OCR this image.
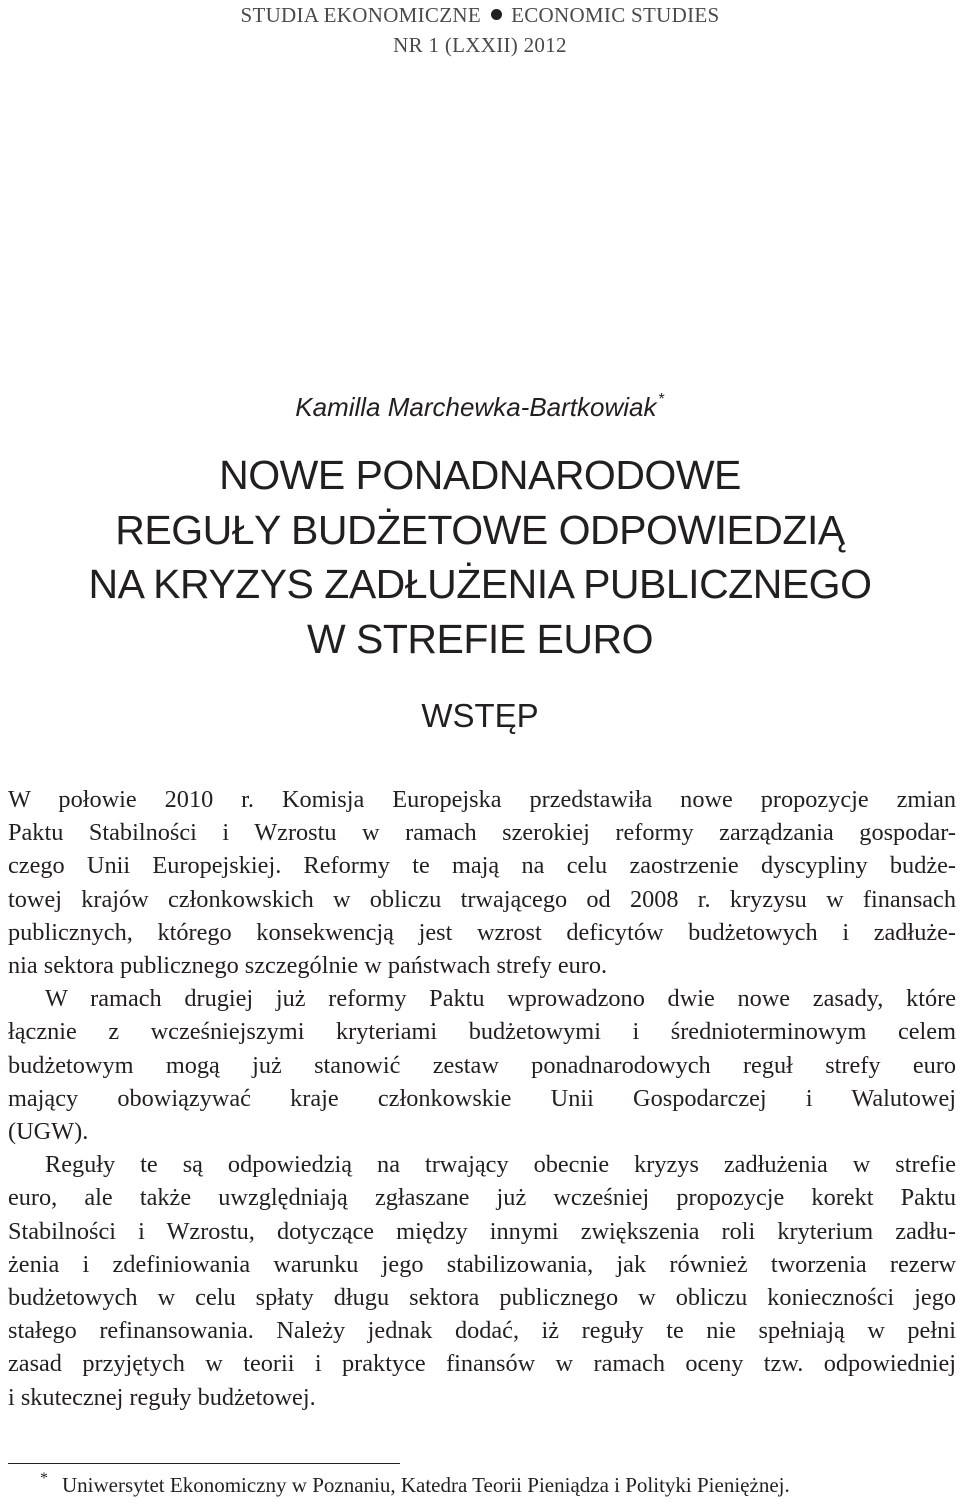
STUDIA EKONOMICZNE ECONOMIC STUDIES
NR 1 (LXXII) 2012
Kamilla Marchewka-Bartkowiak *
NOWE PONADNARODOWE
REGUŁY BUDŻETOWE ODPOWIEDZIĄ
NA KRYZYS ZADŁUŻENIA PUBLICZNEGO
W STREFIE EURO
WSTĘP
W połowie 2010 r. Komisja Europejska przedstawiła nowe propozycje zmian
Paktu Stabilności i Wzrostu w ramach szerokiej reformy zarządzania gospodar-
czego Unii Europejskiej. Reformy te mają na celu zaostrzenie dyscypliny budże-
towej krajów członkowskich w obliczu trwającego od 2008 r. kryzysu w finansach
publicznych, którego konsekwencją jest wzrost deficytów budżetowych i zadłuże-
nia sektora publicznego szczególnie w państwach strefy euro.
W ramach drugiej już reformy Paktu wprowadzono dwie nowe zasady, które
łącznie z wcześniejszymi kryteriami budżetowymi i średnioterminowym celem
budżetowym mogą już stanowić zestaw ponadnarodowych reguł strefy euro
mający obowiązywać kraje członkowskie Unii Gospodarczej i Walutowej
(UGW).
Reguły te są odpowiedzią na trwający obecnie kryzys zadłużenia w strefie
euro, ale także uwzględniają zgłaszane już wcześniej propozycje korekt Paktu
Stabilności i Wzrostu, dotyczące między innymi zwiększenia roli kryterium zadłu-
żenia i zdefiniowania warunku jego stabilizowania, jak również tworzenia rezerw
budżetowych w celu spłaty długu sektora publicznego w obliczu konieczności jego
stałego refinansowania. Należy jednak dodać, iż reguły te nie spełniają w pełni
zasad przyjętych w teorii i praktyce finansów w ramach oceny tzw. odpowiedniej
i skutecznej reguły budżetowej.
* Uniwersytet Ekonomiczny w Poznaniu, Katedra Teorii Pieniądza i Polityki Pieniężnej.
